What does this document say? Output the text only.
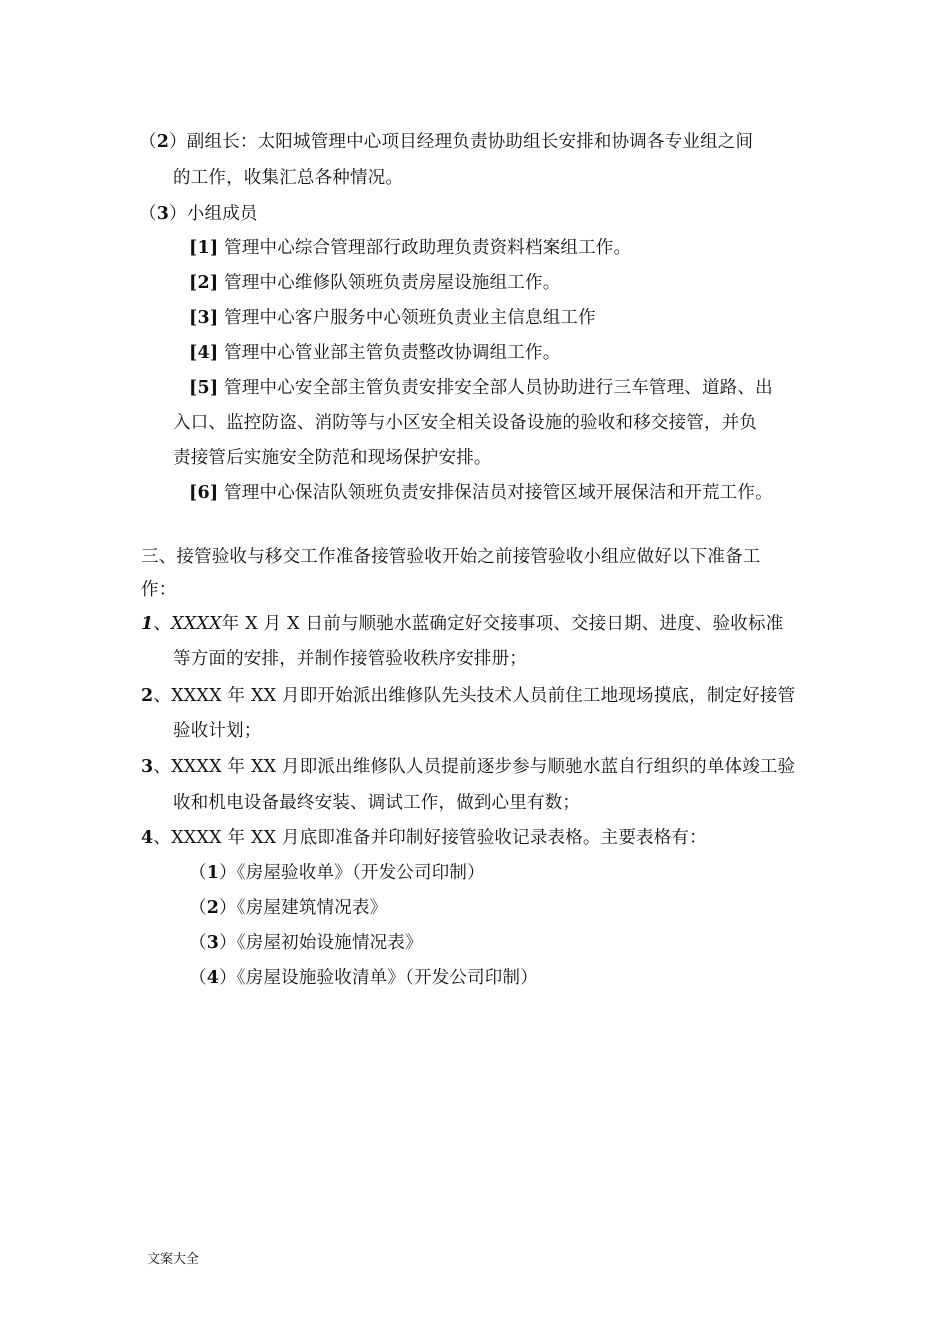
（2）副组长：太阳城管理中心项目经理负责协助组长安排和协调各专业组之间
的工作，收集汇总各种情况。
（3）小组成员
[1] 管理中心综合管理部行政助理负责资料档案组工作。
[2] 管理中心维修队领班负责房屋设施组工作。
[3] 管理中心客户服务中心领班负责业主信息组工作
[4] 管理中心管业部主管负责整改协调组工作。
[5] 管理中心安全部主管负责安排安全部人员协助进行三车管理、道路、出
入口、监控防盗、消防等与小区安全相关设备设施的验收和移交接管，并负
责接管后实施安全防范和现场保护安排。
[6] 管理中心保洁队领班负责安排保洁员对接管区域开展保洁和开荒工作。
三、接管验收与移交工作准备接管验收开始之前接管验收小组应做好以下准备工
作：
1、XXXX年 X 月 X 日前与顺驰水蓝确定好交接事项、交接日期、进度、验收标准
等方面的安排，并制作接管验收秩序安排册；
2、XXXX 年 XX 月即开始派出维修队先头技术人员前住工地现场摸底，制定好接管
验收计划；
3、XXXX 年 XX 月即派出维修队人员提前逐步参与顺驰水蓝自行组织的单体竣工验
收和机电设备最终安装、调试工作，做到心里有数；
4、XXXX 年 XX 月底即准备并印制好接管验收记录表格。主要表格有：
（1）《房屋验收单》（开发公司印制）
（2）《房屋建筑情况表》
（3）《房屋初始设施情况表》
（4）《房屋设施验收清单》（开发公司印制）
文案大全
